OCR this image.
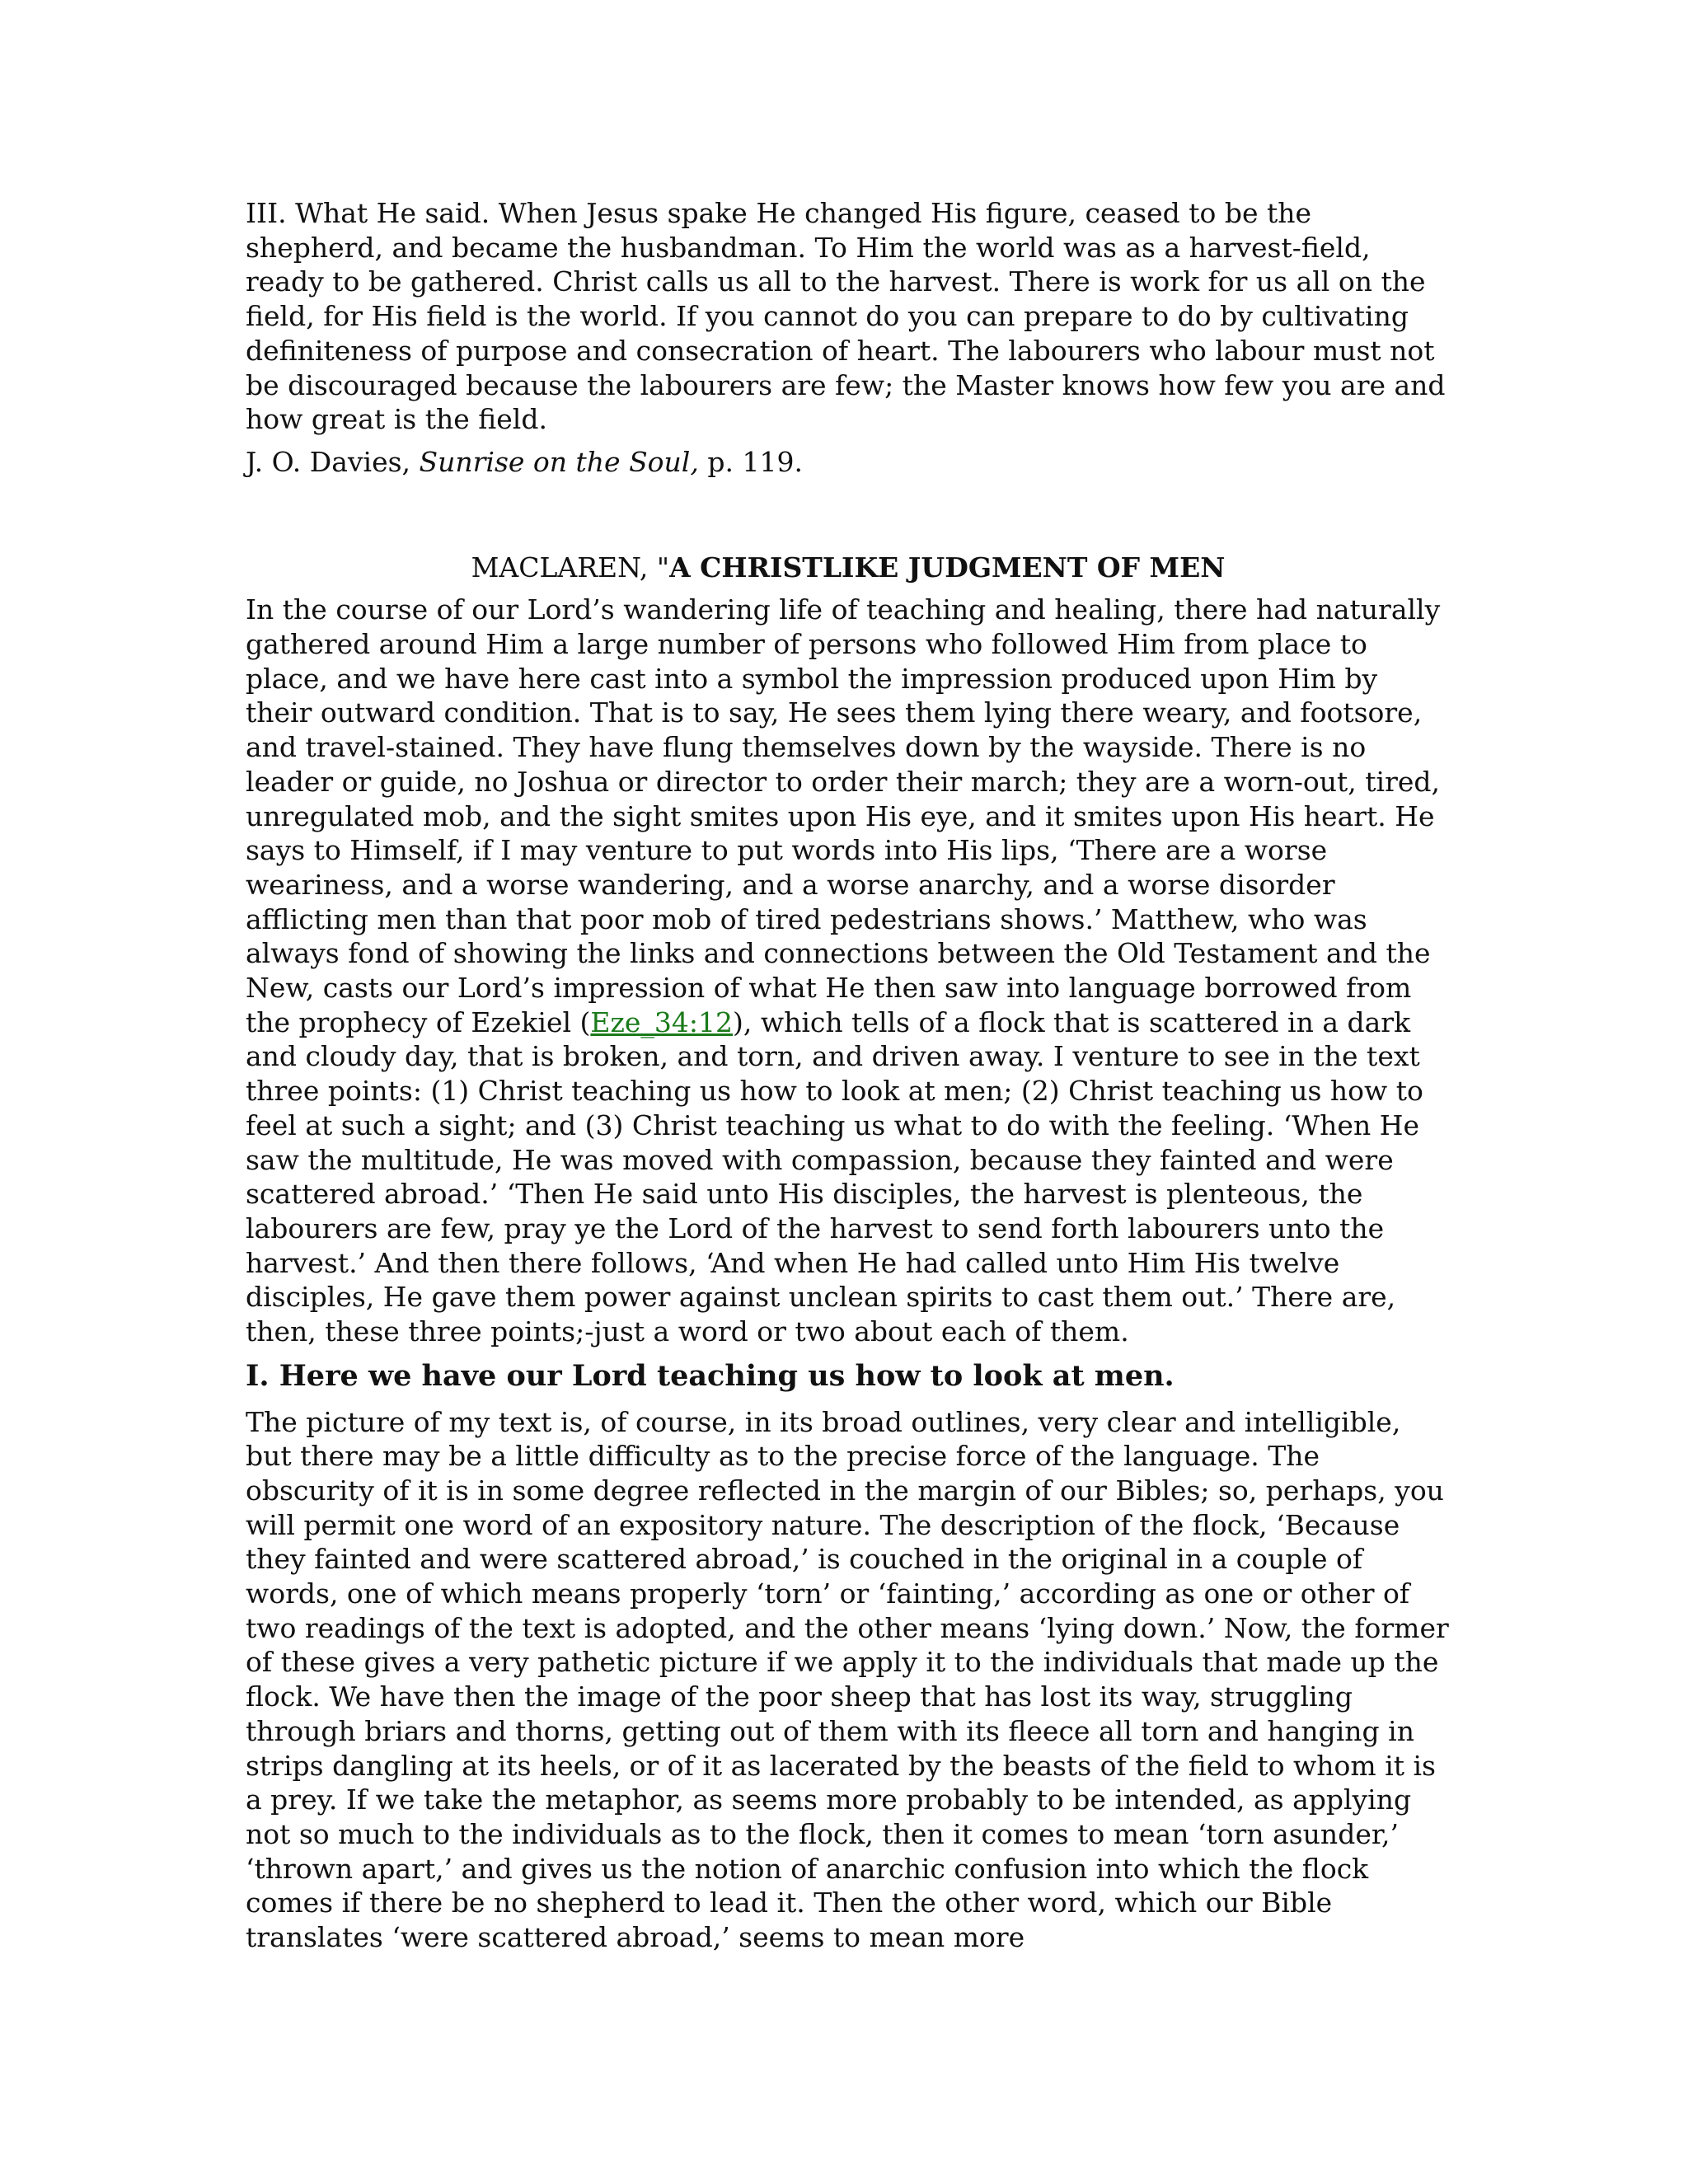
III. What He said. When Jesus spake He changed His figure, ceased to be the shepherd, and became the husbandman. To Him the world was as a harvest-field, ready to be gathered. Christ calls us all to the harvest. There is work for us all on the field, for His field is the world. If you cannot do you can prepare to do by cultivating definiteness of purpose and consecration of heart. The labourers who labour must not be discouraged because the labourers are few; the Master knows how few you are and how great is the field.

J. O. Davies, Sunrise on the Soul, p. 119.

MACLAREN, "A CHRISTLIKE JUDGMENT OF MEN

In the course of our Lord’s wandering life of teaching and healing, there had naturally gathered around Him a large number of persons who followed Him from place to place, and we have here cast into a symbol the impression produced upon Him by their outward condition. That is to say, He sees them lying there weary, and footsore, and travel-stained. They have flung themselves down by the wayside. There is no leader or guide, no Joshua or director to order their march; they are a worn-out, tired, unregulated mob, and the sight smites upon His eye, and it smites upon His heart. He says to Himself, if I may venture to put words into His lips, ‘There are a worse weariness, and a worse wandering, and a worse anarchy, and a worse disorder afflicting men than that poor mob of tired pedestrians shows.’ Matthew, who was always fond of showing the links and connections between the Old Testament and the New, casts our Lord’s impression of what He then saw into language borrowed from the prophecy of Ezekiel (Eze_34:12), which tells of a flock that is scattered in a dark and cloudy day, that is broken, and torn, and driven away. I venture to see in the text three points: (1) Christ teaching us how to look at men; (2) Christ teaching us how to feel at such a sight; and (3) Christ teaching us what to do with the feeling. ‘When He saw the multitude, He was moved with compassion, because they fainted and were scattered abroad.’ ‘Then He said unto His disciples, the harvest is plenteous, the labourers are few, pray ye the Lord of the harvest to send forth labourers unto the harvest.’ And then there follows, ‘And when He had called unto Him His twelve disciples, He gave them power against unclean spirits to cast them out.’ There are, then, these three points;-just a word or two about each of them.

I. Here we have our Lord teaching us how to look at men.

The picture of my text is, of course, in its broad outlines, very clear and intelligible, but there may be a little difficulty as to the precise force of the language. The obscurity of it is in some degree reflected in the margin of our Bibles; so, perhaps, you will permit one word of an expository nature. The description of the flock, ‘Because they fainted and were scattered abroad,’ is couched in the original in a couple of words, one of which means properly ‘torn’ or ‘fainting,’ according as one or other of two readings of the text is adopted, and the other means ‘lying down.’ Now, the former of these gives a very pathetic picture if we apply it to the individuals that made up the flock. We have then the image of the poor sheep that has lost its way, struggling through briars and thorns, getting out of them with its fleece all torn and hanging in strips dangling at its heels, or of it as lacerated by the beasts of the field to whom it is a prey. If we take the metaphor, as seems more probably to be intended, as applying not so much to the individuals as to the flock, then it comes to mean ‘torn asunder,’ ‘thrown apart,’ and gives us the notion of anarchic confusion into which the flock comes if there be no shepherd to lead it. Then the other word, which our Bible translates ‘were scattered abroad,’ seems to mean more
